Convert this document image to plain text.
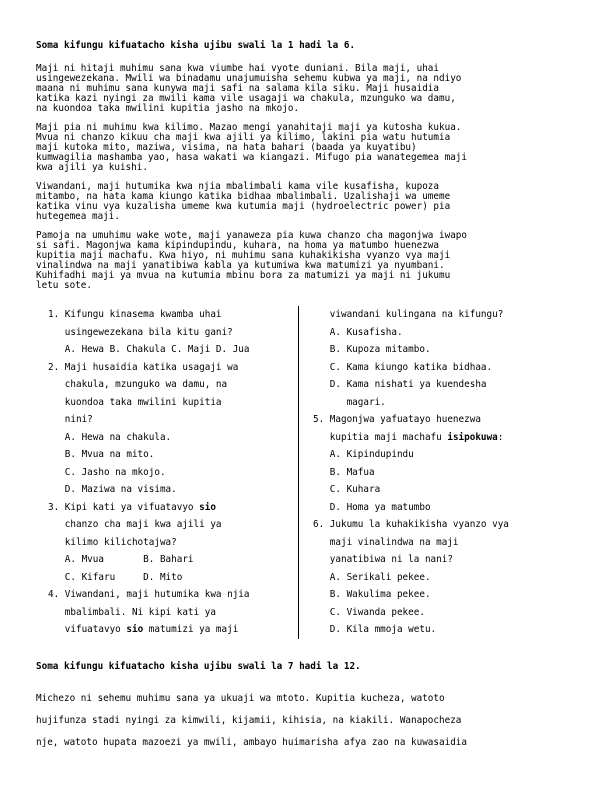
Soma kifungu kifuatacho kisha ujibu swali la 1 hadi la 6.
Maji ni hitaji muhimu sana kwa viumbe hai vyote duniani. Bila maji, uhai
usingewezekana. Mwili wa binadamu unajumuisha sehemu kubwa ya maji, na ndiyo
maana ni muhimu sana kunywa maji safi na salama kila siku. Maji husaidia
katika kazi nyingi za mwili kama vile usagaji wa chakula, mzunguko wa damu,
na kuondoa taka mwilini kupitia jasho na mkojo.
Maji pia ni muhimu kwa kilimo. Mazao mengi yanahitaji maji ya kutosha kukua.
Mvua ni chanzo kikuu cha maji kwa ajili ya kilimo, lakini pia watu hutumia
maji kutoka mito, maziwa, visima, na hata bahari (baada ya kuyatibu)
kumwagilia mashamba yao, hasa wakati wa kiangazi. Mifugo pia wanategemea maji
kwa ajili ya kuishi.
Viwandani, maji hutumika kwa njia mbalimbali kama vile kusafisha, kupoza
mitambo, na hata kama kiungo katika bidhaa mbalimbali. Uzalishaji wa umeme
katika vinu vya kuzalisha umeme kwa kutumia maji (hydroelectric power) pia
hutegemea maji.
Pamoja na umuhimu wake wote, maji yanaweza pia kuwa chanzo cha magonjwa iwapo
si safi. Magonjwa kama kipindupindu, kuhara, na homa ya matumbo huenezwa
kupitia maji machafu. Kwa hiyo, ni muhimu sana kuhakikisha vyanzo vya maji
vinalindwa na maji yanatibiwa kabla ya kutumiwa kwa matumizi ya nyumbani.
Kuhifadhi maji ya mvua na kutumia mbinu bora za matumizi ya maji ni jukumu
letu sote.
1. Kifungu kinasema kwamba uhai
usingewezekana bila kitu gani?
A. Hewa B. Chakula C. Maji D. Jua
2. Maji husaidia katika usagaji wa
chakula, mzunguko wa damu, na
kuondoa taka mwilini kupitia
nini?
A. Hewa na chakula.
B. Mvua na mito.
C. Jasho na mkojo.
D. Maziwa na visima.
3. Kipi kati ya vifuatavyo sio
chanzo cha maji kwa ajili ya
kilimo kilichotajwa?
A. Mvua       B. Bahari
C. Kifaru     D. Mito
4. Viwandani, maji hutumika kwa njia
mbalimbali. Ni kipi kati ya
vifuatavyo sio matumizi ya maji
viwandani kulingana na kifungu?
A. Kusafisha.
B. Kupoza mitambo.
C. Kama kiungo katika bidhaa.
D. Kama nishati ya kuendesha
magari.
5. Magonjwa yafuatayo huenezwa
kupitia maji machafu isipokuwa:
A. Kipindupindu
B. Mafua
C. Kuhara
D. Homa ya matumbo
6. Jukumu la kuhakikisha vyanzo vya
maji vinalindwa na maji
yanatibiwa ni la nani?
A. Serikali pekee.
B. Wakulima pekee.
C. Viwanda pekee.
D. Kila mmoja wetu.
Soma kifungu kifuatacho kisha ujibu swali la 7 hadi la 12.
Michezo ni sehemu muhimu sana ya ukuaji wa mtoto. Kupitia kucheza, watoto
hujifunza stadi nyingi za kimwili, kijamii, kihisia, na kiakili. Wanapocheza
nje, watoto hupata mazoezi ya mwili, ambayo huimarisha afya zao na kuwasaidia
